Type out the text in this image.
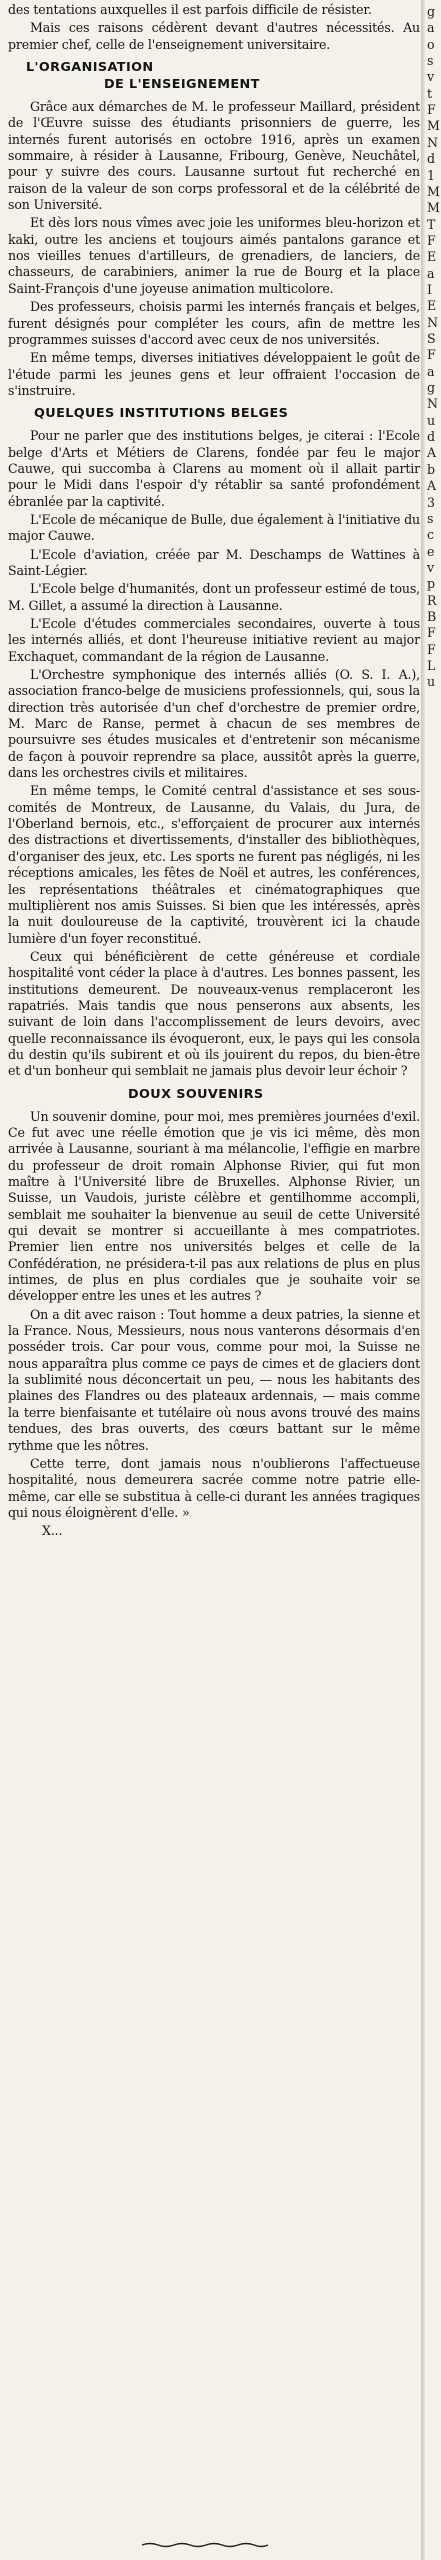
des tentations auxquelles il est parfois difficile de résister.

Mais ces raisons cédèrent devant d'autres nécessités. Au premier chef, celle de l'enseignement universitaire.

L'ORGANISATION
DE L'ENSEIGNEMENT

Grâce aux démarches de M. le professeur Maillard, président de l'Œuvre suisse des étudiants prisonniers de guerre, les internés furent autorisés en octobre 1916, après un examen sommaire, à résider à Lausanne, Fribourg, Genève, Neuchâtel, pour y suivre des cours. Lausanne surtout fut recherché en raison de la valeur de son corps professoral et de la célébrité de son Université.

Et dès lors nous vîmes avec joie les uniformes bleu-horizon et kaki, outre les anciens et toujours aimés pantalons garance et nos vieilles tenues d'artilleurs, de grenadiers, de lanciers, de chasseurs, de carabiniers, animer la rue de Bourg et la place Saint-François d'une joyeuse animation multicolore.

Des professeurs, choisis parmi les internés français et belges, furent désignés pour compléter les cours, afin de mettre les programmes suisses d'accord avec ceux de nos universités.

En même temps, diverses initiatives développaient le goût de l'étude parmi les jeunes gens et leur offraient l'occasion de s'instruire.

QUELQUES INSTITUTIONS BELGES

Pour ne parler que des institutions belges, je citerai : l'Ecole belge d'Arts et Métiers de Clarens, fondée par feu le major Cauwe, qui succomba à Clarens au moment où il allait partir pour le Midi dans l'espoir d'y rétablir sa santé profondément ébranlée par la captivité.

L'Ecole de mécanique de Bulle, due également à l'initiative du major Cauwe.

L'Ecole d'aviation, créée par M. Deschamps de Wattines à Saint-Légier.

L'Ecole belge d'humanités, dont un professeur estimé de tous, M. Gillet, a assumé la direction à Lausanne.

L'Ecole d'études commerciales secondaires, ouverte à tous les internés alliés, et dont l'heureuse initiative revient au major Exchaquet, commandant de la région de Lausanne.

L'Orchestre symphonique des internés alliés (O. S. I. A.), association franco-belge de musiciens professionnels, qui, sous la direction très autorisée d'un chef d'orchestre de premier ordre, M. Marc de Ranse, permet à chacun de ses membres de poursuivre ses études musicales et d'entretenir son mécanisme de façon à pouvoir reprendre sa place, aussitôt après la guerre, dans les orchestres civils et militaires.

En même temps, le Comité central d'assistance et ses sous-comités de Montreux, de Lausanne, du Valais, du Jura, de l'Oberland bernois, etc., s'efforçaient de procurer aux internés des distractions et divertissements, d'installer des bibliothèques, d'organiser des jeux, etc. Les sports ne furent pas négligés, ni les réceptions amicales, les fêtes de Noël et autres, les conférences, les représentations théâtrales et cinématographiques que multiplièrent nos amis Suisses. Si bien que les intéressés, après la nuit douloureuse de la captivité, trouvèrent ici la chaude lumière d'un foyer reconstitué.

Ceux qui bénéficièrent de cette généreuse et cordiale hospitalité vont céder la place à d'autres. Les bonnes passent, les institutions demeurent. De nouveaux-venus remplaceront les rapatriés. Mais tandis que nous penserons aux absents, les suivant de loin dans l'accomplissement de leurs devoirs, avec quelle reconnaissance ils évoqueront, eux, le pays qui les consola du destin qu'ils subirent et où ils jouirent du repos, du bien-être et d'un bonheur qui semblait ne jamais plus devoir leur échoir ?

DOUX SOUVENIRS

Un souvenir domine, pour moi, mes premières journées d'exil. Ce fut avec une réelle émotion que je vis ici même, dès mon arrivée à Lausanne, souriant à ma mélancolie, l'effigie en marbre du professeur de droit romain Alphonse Rivier, qui fut mon maître à l'Université libre de Bruxelles. Alphonse Rivier, un Suisse, un Vaudois, juriste célèbre et gentilhomme accompli, semblait me souhaiter la bienvenue au seuil de cette Université qui devait se montrer si accueillante à mes compatriotes. Premier lien entre nos universités belges et celle de la Confédération, ne présidera-t-il pas aux relations de plus en plus intimes, de plus en plus cordiales que je souhaite voir se développer entre les unes et les autres ?

On a dit avec raison : Tout homme a deux patries, la sienne et la France. Nous, Messieurs, nous nous vanterons désormais d'en posséder trois. Car pour vous, comme pour moi, la Suisse ne nous apparaîtra plus comme ce pays de cimes et de glaciers dont la sublimité nous déconcertait un peu, — nous les habitants des plaines des Flandres ou des plateaux ardennais, — mais comme la terre bienfaisante et tutélaire où nous avons trouvé des mains tendues, des bras ouverts, des cœurs battant sur le même rythme que les nôtres.

Cette terre, dont jamais nous n'oublierons l'affectueuse hospitalité, nous demeurera sacrée comme notre patrie elle-même, car elle se substitua à celle-ci durant les années tragiques qui nous éloignèrent d'elle. »

X...

g
a
o
s
v
t
F
M
N
d
1
M
M
T
F
E
a
I
E
N
S
F
a
g
N
u
d
A
b
A
3
s
c
e
v
p
R
B
F
F
L
u
